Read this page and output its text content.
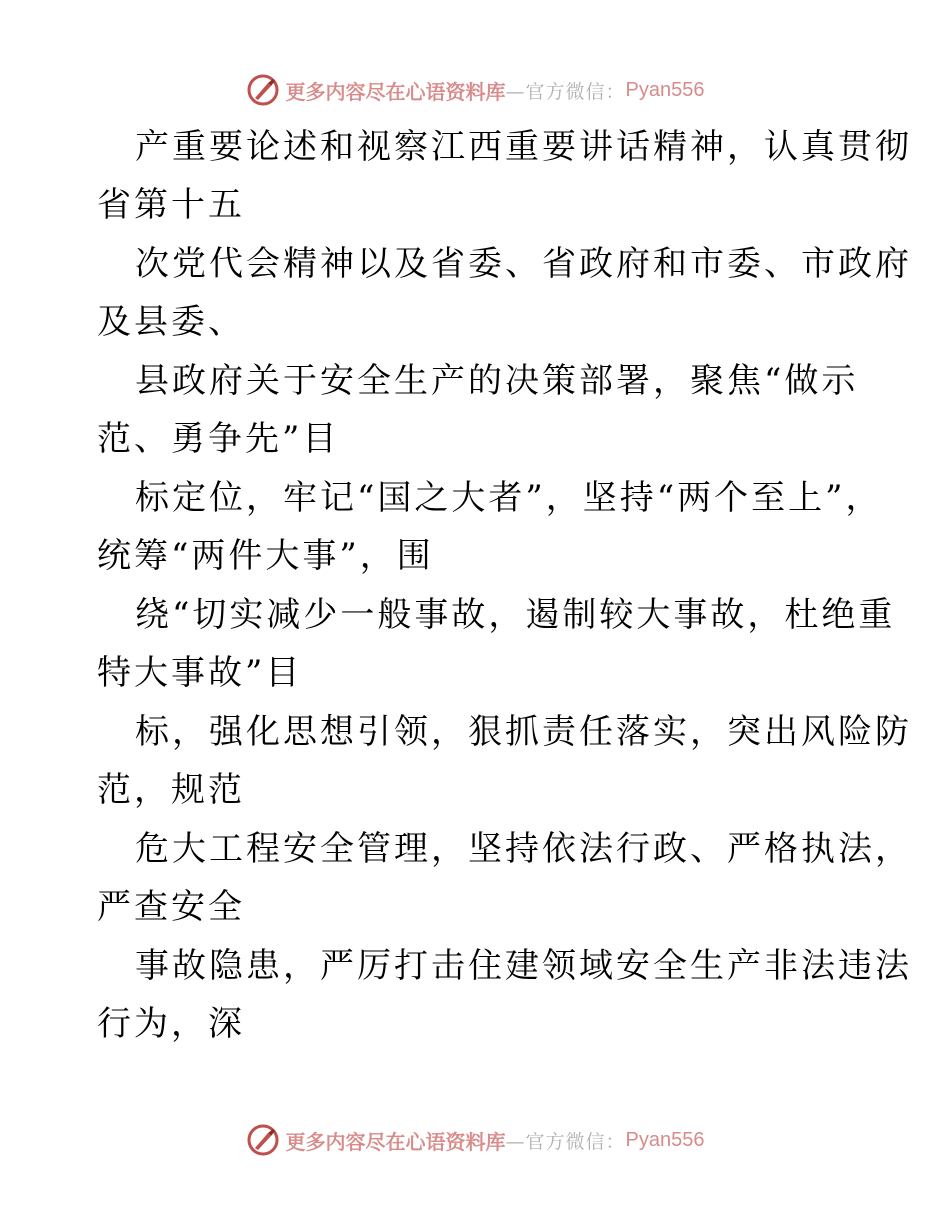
更多内容尽在心语资料库 —官方微信： Pyan556
产重要论述和视察江西重要讲话精神，认真贯彻
省第十五
次党代会精神以及省委、省政府和市委、市政府
及县委、
县政府关于安全生产的决策部署，聚焦“做示
范、勇争先”目
标定位，牢记“国之大者”，坚持“两个至上”，
统筹“两件大事”，围
绕“切实减少一般事故，遏制较大事故，杜绝重
特大事故”目
标，强化思想引领，狠抓责任落实，突出风险防
范，规范
危大工程安全管理，坚持依法行政、严格执法，
严查安全
事故隐患，严厉打击住建领域安全生产非法违法
行为，深
更多内容尽在心语资料库 —官方微信： Pyan556
